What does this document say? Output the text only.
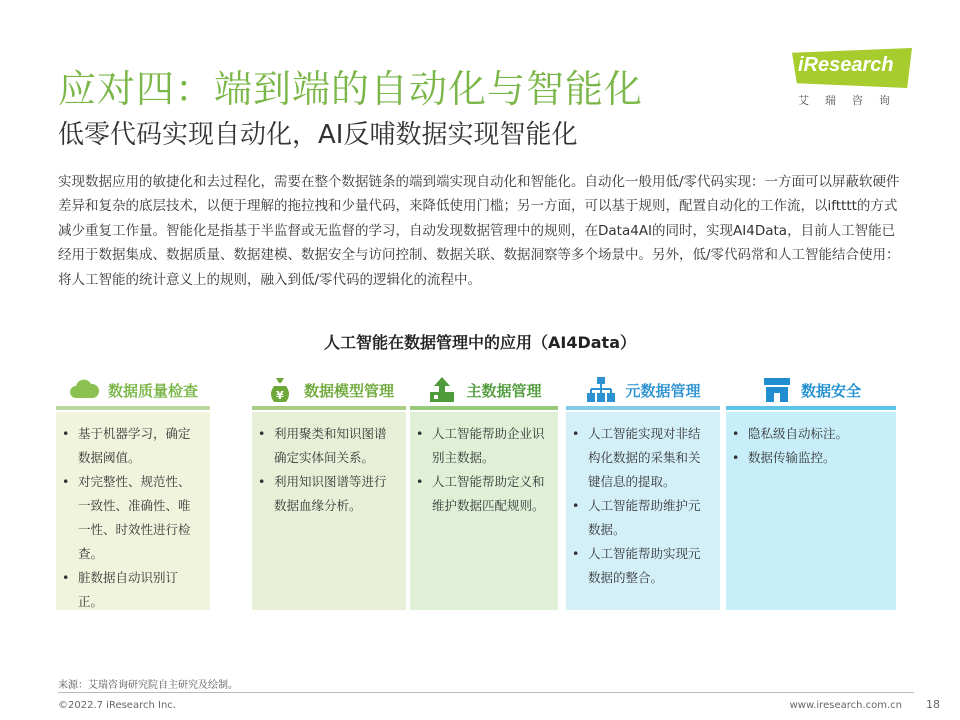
应对四：端到端的自动化与智能化
低零代码实现自动化，AI反哺数据实现智能化
iResearch
艾瑞咨询
实现数据应用的敏捷化和去过程化，需要在整个数据链条的端到端实现自动化和智能化。自动化一般用低/零代码实现：一方面可以屏蔽软硬件差异和复杂的底层技术，以便于理解的拖拉拽和少量代码，来降低使用门槛；另一方面，可以基于规则，配置自动化的工作流，以iftttt的方式减少重复工作量。智能化是指基于半监督或无监督的学习，自动发现数据管理中的规则，在Data4AI的同时，实现AI4Data，目前人工智能已经用于数据集成、数据质量、数据建模、数据安全与访问控制、数据关联、数据洞察等多个场景中。另外，低/零代码常和人工智能结合使用：将人工智能的统计意义上的规则，融入到低/零代码的逻辑化的流程中。
人工智能在数据管理中的应用（AI4Data）
数据质量检查
• 基于机器学习，确定数据阈值。
• 对完整性、规范性、一致性、准确性、唯一性、时效性进行检查。
• 脏数据自动识别订正。
¥ 数据模型管理
• 利用聚类和知识图谱确定实体间关系。
• 利用知识图谱等进行数据血缘分析。
主数据管理
• 人工智能帮助企业识别主数据。
• 人工智能帮助定义和维护数据匹配规则。
元数据管理
• 人工智能实现对非结构化数据的采集和关键信息的提取。
• 人工智能帮助维护元数据。
• 人工智能帮助实现元数据的整合。
数据安全
• 隐私级自动标注。
• 数据传输监控。
来源：艾瑞咨询研究院自主研究及绘制。
©2022.7 iResearch Inc.	www.iresearch.com.cn 18
